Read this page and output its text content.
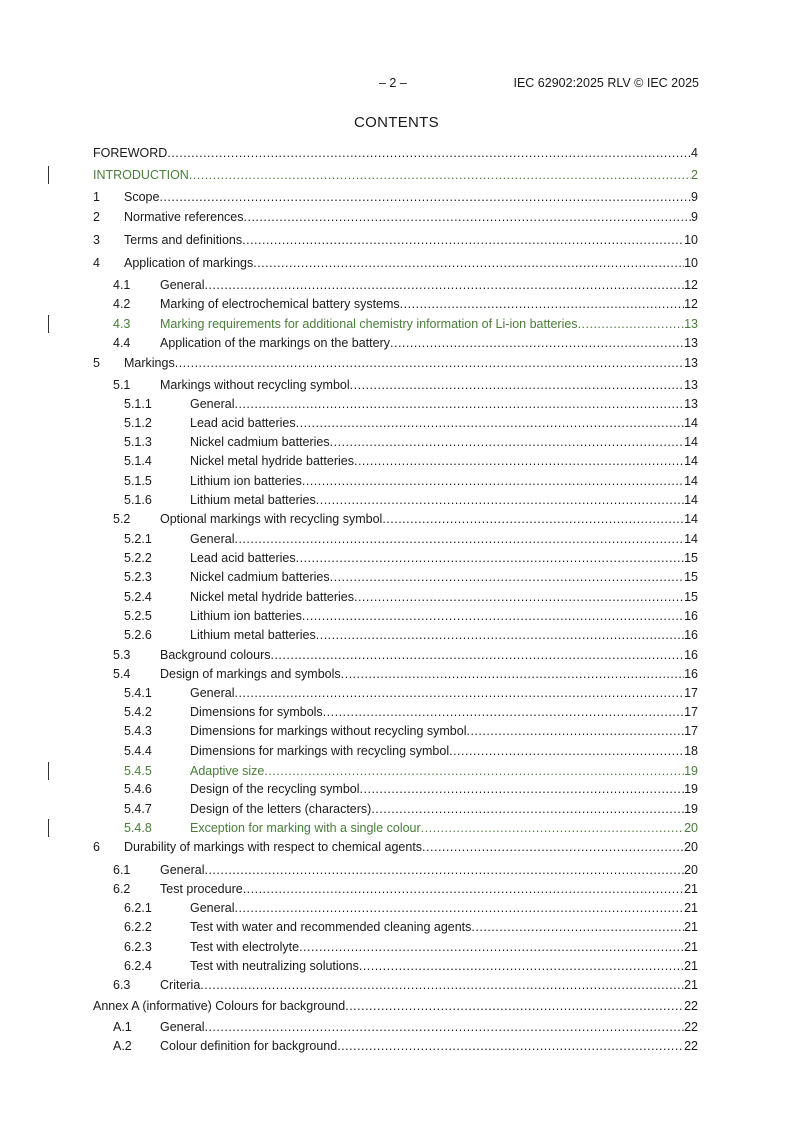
– 2 –	IEC 62902:2025 RLV © IEC 2025
CONTENTS
FOREWORD .....	4
INTRODUCTION .....	2
1 Scope .....	9
2 Normative references .....	9
3 Terms and definitions .....	10
4 Application of markings .....	10
4.1 General .....	12
4.2 Marking of electrochemical battery systems .....	12
4.3 Marking requirements for additional chemistry information of Li-ion batteries .....	13
4.4 Application of the markings on the battery .....	13
5 Markings .....	13
5.1 Markings without recycling symbol .....	13
5.1.1	General .....	13
5.1.2	Lead acid batteries .....	14
5.1.3	Nickel cadmium batteries .....	14
5.1.4	Nickel metal hydride batteries .....	14
5.1.5	Lithium ion batteries .....	14
5.1.6	Lithium metal batteries .....	14
5.2 Optional markings with recycling symbol .....	14
5.2.1	General .....	14
5.2.2	Lead acid batteries .....	15
5.2.3	Nickel cadmium batteries .....	15
5.2.4	Nickel metal hydride batteries .....	15
5.2.5	Lithium ion batteries .....	16
5.2.6	Lithium metal batteries .....	16
5.3 Background colours .....	16
5.4 Design of markings and symbols .....	16
5.4.1	General .....	17
5.4.2	Dimensions for symbols .....	17
5.4.3	Dimensions for markings without recycling symbol .....	17
5.4.4	Dimensions for markings with recycling symbol .....	18
5.4.5	Adaptive size .....	19
5.4.6	Design of the recycling symbol .....	19
5.4.7	Design of the letters (characters) .....	19
5.4.8	Exception for marking with a single colour .....	20
6 Durability of markings with respect to chemical agents .....	20
6.1 General .....	20
6.2 Test procedure .....	21
6.2.1	General .....	21
6.2.2	Test with water and recommended cleaning agents .....	21
6.2.3	Test with electrolyte .....	21
6.2.4	Test with neutralizing solutions .....	21
6.3 Criteria .....	21
Annex A (informative) Colours for background .....	22
A.1 General .....	22
A.2 Colour definition for background .....	22
